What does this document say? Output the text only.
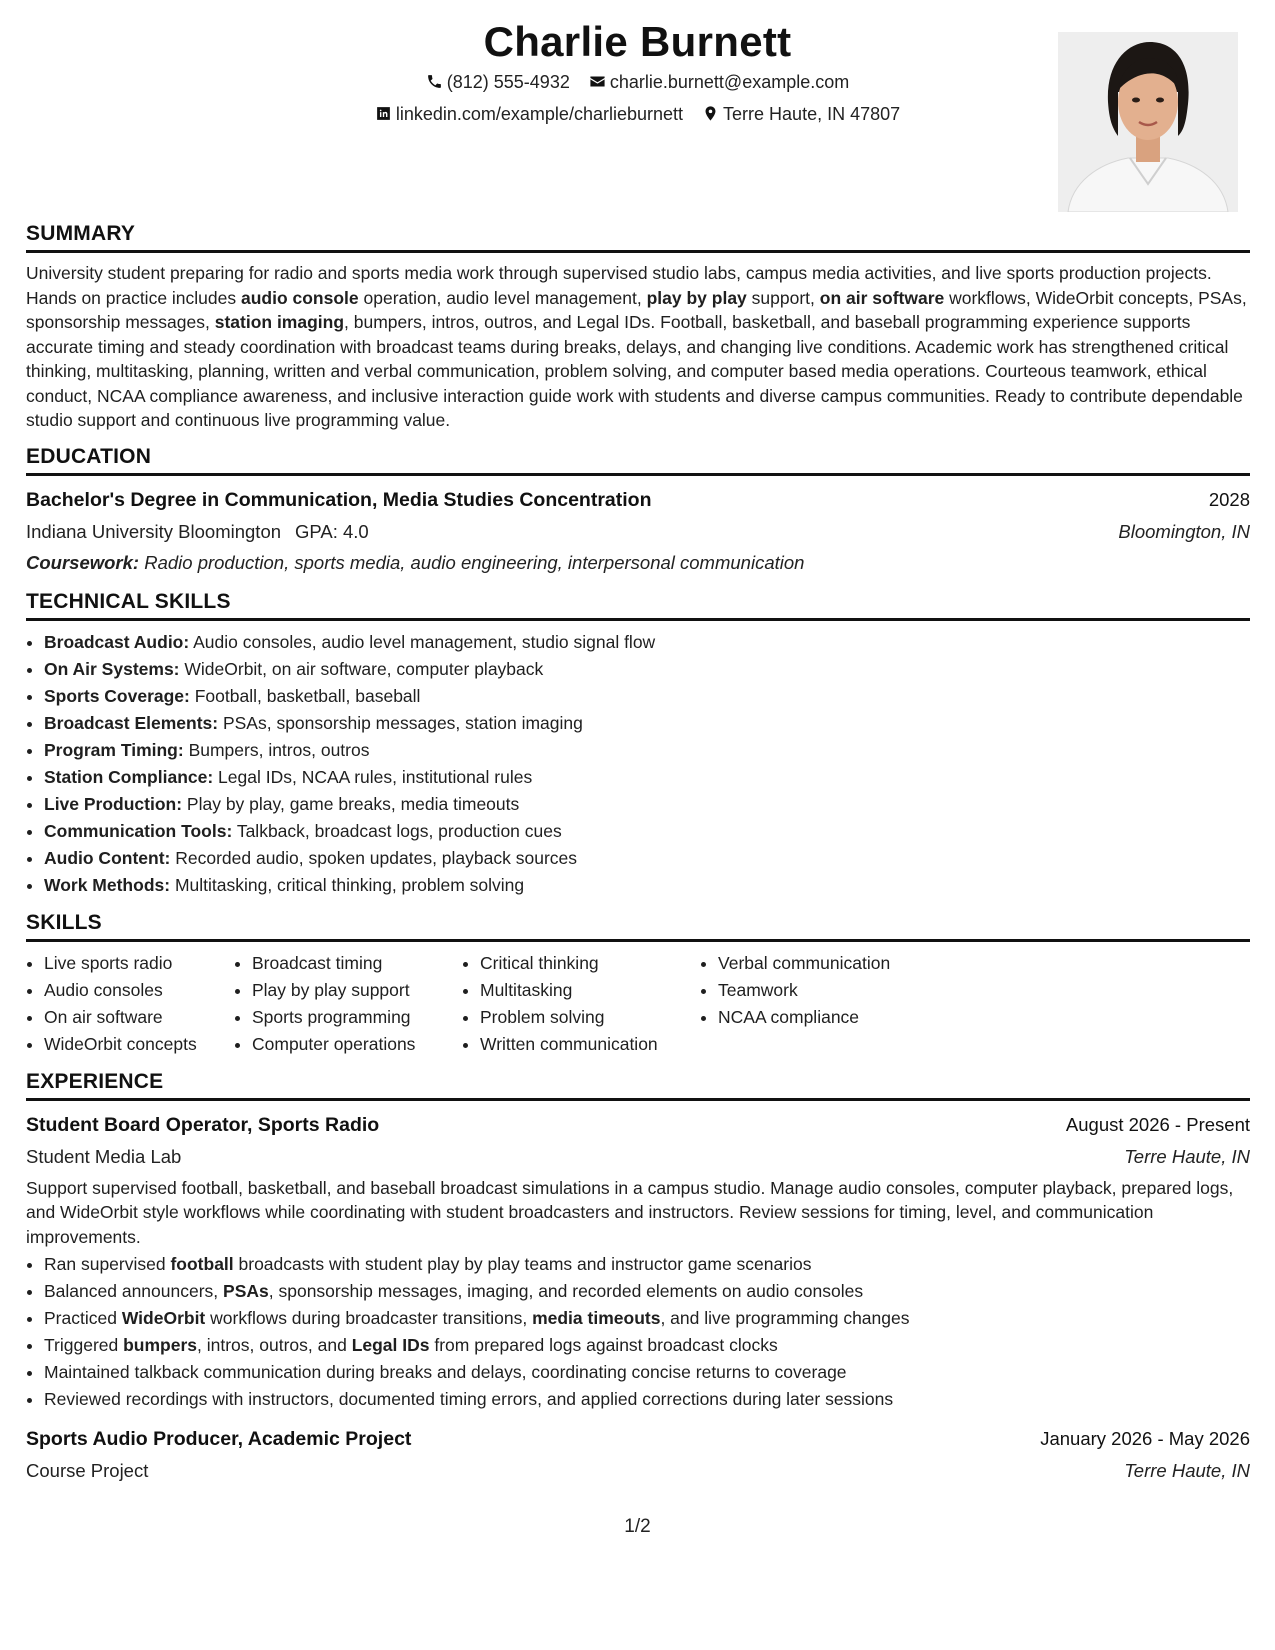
Charlie Burnett
(812) 555-4932 charlie.burnett@example.com
linkedin.com/example/charlieburnett Terre Haute, IN 47807
SUMMARY

University student preparing for radio and sports media work through supervised studio labs, campus media activities, and live sports production projects. Hands on practice includes audio console operation, audio level management, play by play support, on air software workflows, WideOrbit concepts, PSAs, sponsorship messages, station imaging, bumpers, intros, outros, and Legal IDs. Football, basketball, and baseball programming experience supports accurate timing and steady coordination with broadcast teams during breaks, delays, and changing live conditions. Academic work has strengthened critical thinking, multitasking, planning, written and verbal communication, problem solving, and computer based media operations. Courteous teamwork, ethical conduct, NCAA compliance awareness, and inclusive interaction guide work with students and diverse campus communities. Ready to contribute dependable studio support and continuous live programming value.

EDUCATION
Bachelor's Degree in Communication, Media Studies Concentration	2028
Indiana University Bloomington GPA: 4.0	Bloomington, IN
Coursework: Radio production, sports media, audio engineering, interpersonal communication
TECHNICAL SKILLS
• Broadcast Audio: Audio consoles, audio level management, studio signal flow
• On Air Systems: WideOrbit, on air software, computer playback
• Sports Coverage: Football, basketball, baseball
• Broadcast Elements: PSAs, sponsorship messages, station imaging
• Program Timing: Bumpers, intros, outros
• Station Compliance: Legal IDs, NCAA rules, institutional rules
• Live Production: Play by play, game breaks, media timeouts
• Communication Tools: Talkback, broadcast logs, production cues
• Audio Content: Recorded audio, spoken updates, playback sources
• Work Methods: Multitasking, critical thinking, problem solving
SKILLS
• Live sports radio
• Audio consoles
• On air software
• WideOrbit concepts
• Broadcast timing
• Play by play support
• Sports programming
• Computer operations
• Critical thinking
• Multitasking
• Problem solving
• Written communication
• Verbal communication
• Teamwork
• NCAA compliance
EXPERIENCE
Student Board Operator, Sports Radio	August 2026 - Present
Student Media Lab	Terre Haute, IN

Support supervised football, basketball, and baseball broadcast simulations in a campus studio. Manage audio consoles, computer playback, prepared logs, and WideOrbit style workflows while coordinating with student broadcasters and instructors. Review sessions for timing, level, and communication improvements.

• Ran supervised football broadcasts with student play by play teams and instructor game scenarios
• Balanced announcers, PSAs, sponsorship messages, imaging, and recorded elements on audio consoles
• Practiced WideOrbit workflows during broadcaster transitions, media timeouts, and live programming changes
• Triggered bumpers, intros, outros, and Legal IDs from prepared logs against broadcast clocks
• Maintained talkback communication during breaks and delays, coordinating concise returns to coverage
• Reviewed recordings with instructors, documented timing errors, and applied corrections during later sessions
Sports Audio Producer, Academic Project	January 2026 - May 2026
Course Project	Terre Haute, IN
1/2
